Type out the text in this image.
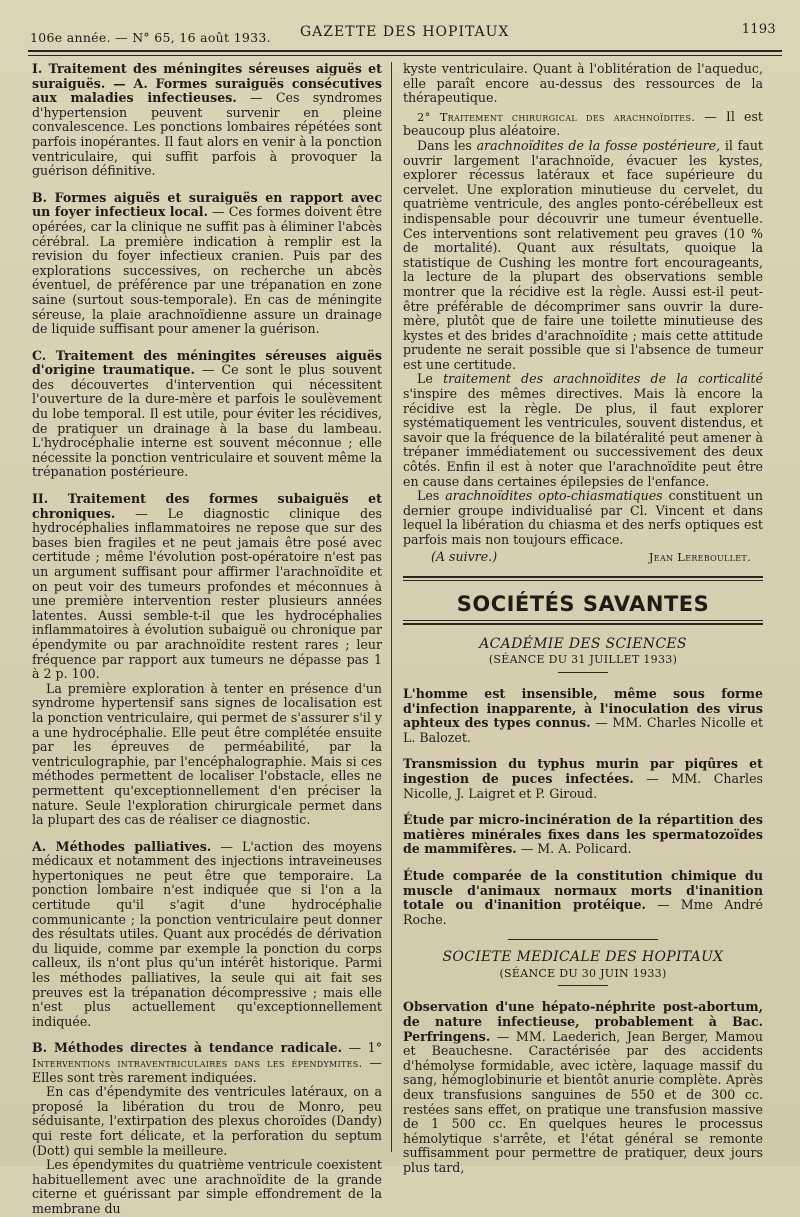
106e année. — N° 65, 16 août 1933. GAZETTE DES HOPITAUX	1193

I. Traitement des méningites séreuses aiguës et suraiguës. — A. Formes suraiguës consécutives aux maladies infectieuses. — Ces syndromes d'hypertension peuvent survenir en pleine convalescence. Les ponctions lombaires répétées sont parfois inopérantes. Il faut alors en venir à la ponction ventriculaire, qui suffit parfois à provoquer la guérison définitive.

B. Formes aiguës et suraiguës en rapport avec un foyer infectieux local. — Ces formes doivent être opérées, car la clinique ne suffit pas à éliminer l'abcès cérébral. La première indication à remplir est la revision du foyer infectieux cranien. Puis par des explorations successives, on recherche un abcès éventuel, de préférence par une trépanation en zone saine (surtout sous-temporale). En cas de méningite séreuse, la plaie arachnoïdienne assure un drainage de liquide suffisant pour amener la guérison.

C. Traitement des méningites séreuses aiguës d'origine traumatique. — Ce sont le plus souvent des découvertes d'intervention qui nécessitent l'ouverture de la dure-mère et parfois le soulèvement du lobe temporal. Il est utile, pour éviter les récidives, de pratiquer un drainage à la base du lambeau. L'hydrocéphalie interne est souvent méconnue ; elle nécessite la ponction ventriculaire et souvent même la trépanation postérieure.

II. Traitement des formes subaiguës et chroniques. — Le diagnostic clinique des hydrocéphalies inflammatoires ne repose que sur des bases bien fragiles et ne peut jamais être posé avec certitude ; même l'évolution post-opératoire n'est pas un argument suffisant pour affirmer l'arachnoïdite et on peut voir des tumeurs profondes et méconnues à une première intervention rester plusieurs années latentes. Aussi semble-t-il que les hydrocéphalies inflammatoires à évolution subaiguë ou chronique par épendymite ou par arachnoïdite restent rares ; leur fréquence par rapport aux tumeurs ne dépasse pas 1 à 2 p. 100.

La première exploration à tenter en présence d'un syndrome hypertensif sans signes de localisation est la ponction ventriculaire, qui permet de s'assurer s'il y a une hydrocéphalie. Elle peut être complétée ensuite par les épreuves de perméabilité, par la ventriculographie, par l'encéphalographie. Mais si ces méthodes permettent de localiser l'obstacle, elles ne permettent qu'exceptionnellement d'en préciser la nature. Seule l'exploration chirurgicale permet dans la plupart des cas de réaliser ce diagnostic.

A. Méthodes palliatives. — L'action des moyens médicaux et notamment des injections intraveineuses hypertoniques ne peut être que temporaire. La ponction lombaire n'est indiquée que si l'on a la certitude qu'il s'agit d'une hydrocéphalie communicante ; la ponction ventriculaire peut donner des résultats utiles. Quant aux procédés de dérivation du liquide, comme par exemple la ponction du corps calleux, ils n'ont plus qu'un intérêt historique. Parmi les méthodes palliatives, la seule qui ait fait ses preuves est la trépanation décompressive ; mais elle n'est plus actuellement qu'exceptionnellement indiquée.

B. Méthodes directes à tendance radicale. — 1° Interventions intraventriculaires dans les épendymites. — Elles sont très rarement indiquées.

En cas d'épendymite des ventricules latéraux, on a proposé la libération du trou de Monro, peu séduisante, l'extirpation des plexus choroïdes (Dandy) qui reste fort délicate, et la perforation du septum (Dott) qui semble la meilleure.

Les épendymites du quatrième ventricule coexistent habituellement avec une arachnoïdite de la grande citerne et guérissant par simple effondrement de la membrane du

kyste ventriculaire. Quant à l'oblitération de l'aqueduc, elle paraît encore au-dessus des ressources de la thérapeutique.

2° Traitement chirurgical des arachnoïdites. — Il est beaucoup plus aléatoire.

Dans les arachnoïdites de la fosse postérieure, il faut ouvrir largement l'arachnoïde, évacuer les kystes, explorer récessus latéraux et face supérieure du cervelet. Une exploration minutieuse du cervelet, du quatrième ventricule, des angles ponto-cérébelleux est indispensable pour découvrir une tumeur éventuelle. Ces interventions sont relativement peu graves (10 % de mortalité). Quant aux résultats, quoique la statistique de Cushing les montre fort encourageants, la lecture de la plupart des observations semble montrer que la récidive est la règle. Aussi est-il peut-être préférable de décomprimer sans ouvrir la dure-mère, plutôt que de faire une toilette minutieuse des kystes et des brides d'arachnoïdite ; mais cette attitude prudente ne serait possible que si l'absence de tumeur est une certitude.

Le traitement des arachnoïdites de la corticalité s'inspire des mêmes directives. Mais là encore la récidive est la règle. De plus, il faut explorer systématiquement les ventricules, souvent distendus, et savoir que la fréquence de la bilatéralité peut amener à trépaner immédiatement ou successivement des deux côtés. Enfin il est à noter que l'arachnoïdite peut être en cause dans certaines épilepsies de l'enfance.

Les arachnoïdites opto-chiasmatiques constituent un dernier groupe individualisé par Cl. Vincent et dans lequel la libération du chiasma et des nerfs optiques est parfois mais non toujours efficace.

(A suivre.)	Jean Lereboullet.
SOCIÉTÉS SAVANTES
ACADÉMIE DES SCIENCES
(SÉANCE DU 31 JUILLET 1933)

L'homme est insensible, même sous forme d'infection inapparente, à l'inoculation des virus aphteux des types connus. — MM. Charles Nicolle et L. Balozet.

Transmission du typhus murin par piqûres et ingestion de puces infectées. — MM. Charles Nicolle, J. Laigret et P. Giroud.

Étude par micro-incinération de la répartition des matières minérales fixes dans les spermatozoïdes de mammifères. — M. A. Policard.

Étude comparée de la constitution chimique du muscle d'animaux normaux morts d'inanition totale ou d'inanition protéique. — Mme André Roche.

SOCIETE MEDICALE DES HOPITAUX
(SÉANCE DU 30 JUIN 1933)

Observation d'une hépato-néphrite post-abortum, de nature infectieuse, probablement à Bac. Perfringens. — MM. Laederich, Jean Berger, Mamou et Beauchesne. Caractérisée par des accidents d'hémolyse formidable, avec ictère, laquage massif du sang, hémoglobinurie et bientôt anurie complète. Après deux transfusions sanguines de 550 et de 300 cc. restées sans effet, on pratique une transfusion massive de 1 500 cc. En quelques heures le processus hémolytique s'arrête, et l'état général se remonte suffisamment pour permettre de pratiquer, deux jours plus tard,
